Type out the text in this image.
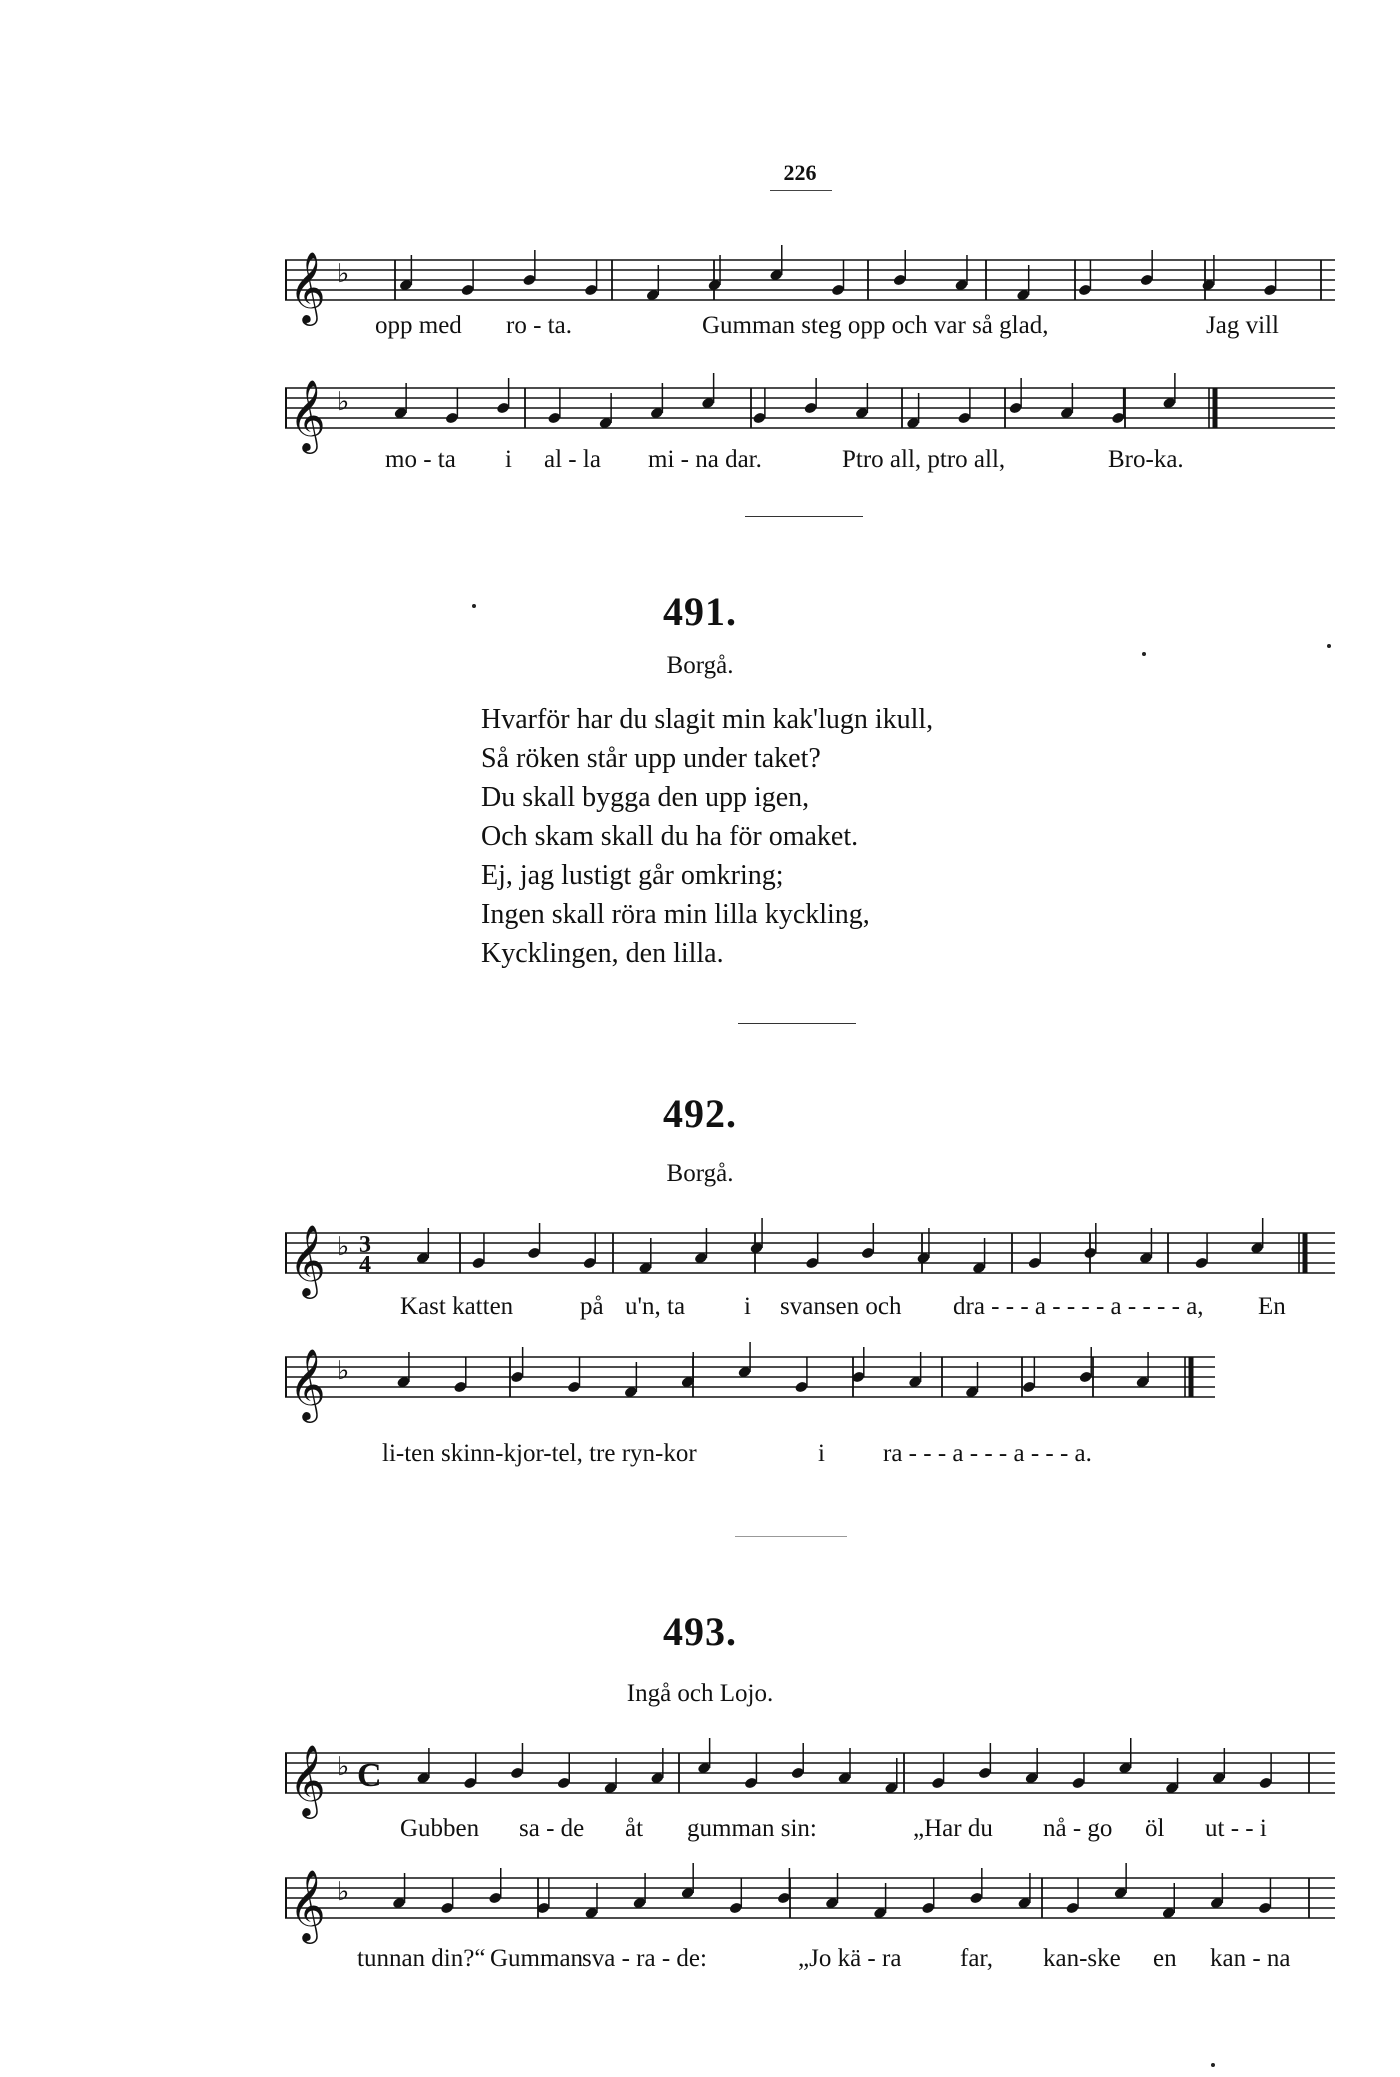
226
𝄞 ♭
opp med ro - ta.	Gumman steg opp och var så glad,	Jag vill
𝄞 ♭
mo - ta i al - la mi - na dar.	Ptro all, ptro all,	Bro-ka.
491.
Borgå.
Hvarför har du slagit min kak'lugn ikull,
Så röken står upp under taket?
Du skall bygga den upp igen,
Och skam skall du ha för omaket.
Ej, jag lustigt går omkring;
Ingen skall röra min lilla kyckling,
Kycklingen, den lilla.
492.
Borgå.
𝄞 ♭ 3
4
Kast katten	på u'n, ta i svansen och dra - - - a - - - - a - - - - a, En
𝄞 ♭
li-ten skinn-kjor-tel, tre ryn-kor	i ra - - - a - - - a - - - a.
493.
Ingå och Lojo.
𝄞 ♭ C
Gubben sa - de åt gumman sin:	„Har du nå - go öl ut - - i
𝄞 ♭
tunnan din?“ Gumman
sva - ra - de:	„Jo kä - ra far, kan-ske en kan - na
